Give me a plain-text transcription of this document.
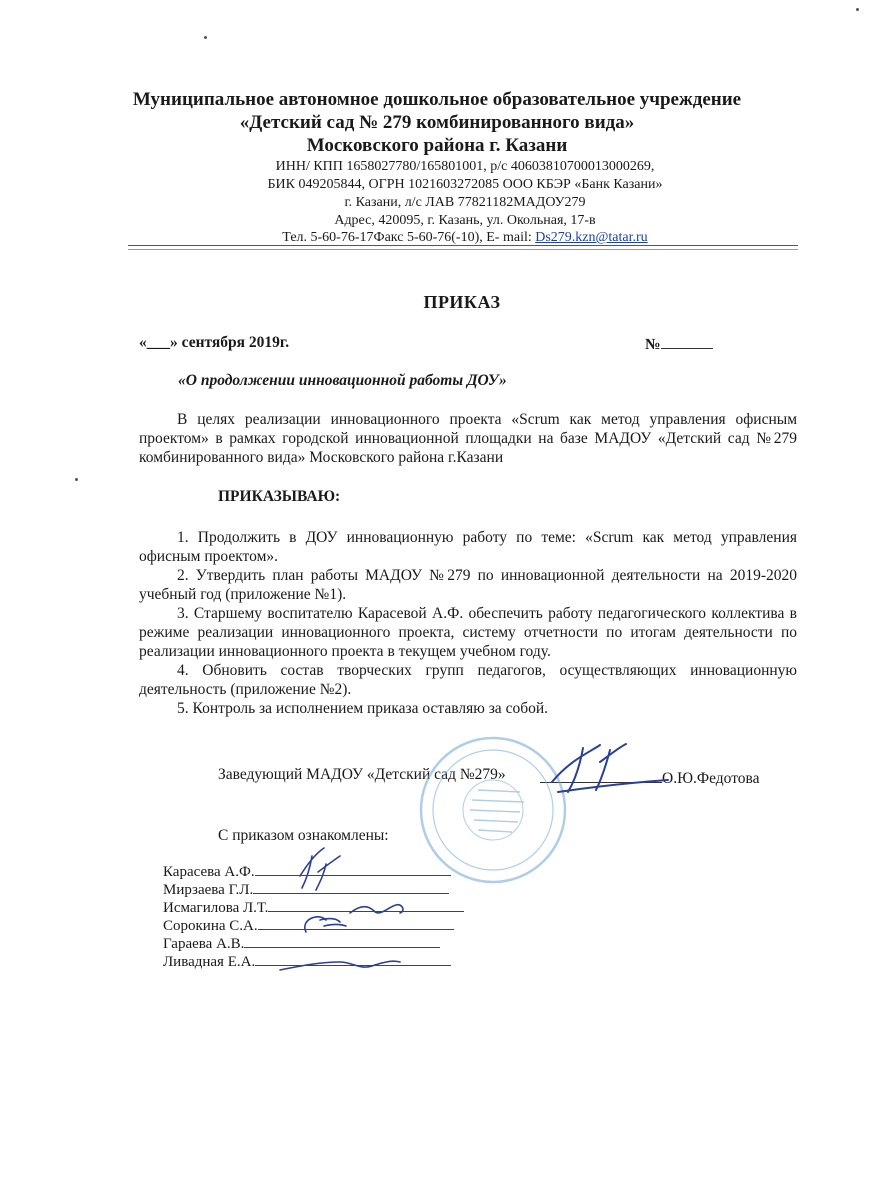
Муниципальное автономное дошкольное образовательное учреждение
«Детский сад № 279 комбинированного вида»
Московского района г. Казани
ИНН/ КПП 1658027780/165801001, р/с 40603810700013000269,
БИК 049205844, ОГРН 1021603272085 ООО КБЭР «Банк Казани»
г. Казани, л/с ЛАВ 77821182МАДОУ279
Адрес, 420095, г. Казань, ул. Окольная, 17-в
Тел. 5-60-76-17Факс 5-60-76(-10), Е- mail: Ds279.kzn@tatar.ru
ПРИКАЗ
«___» сентября 2019г.	№
«О продолжении инновационной работы ДОУ»

В целях реализации инновационного проекта «Scrum как метод управления офисным проектом» в рамках городской инновационной площадки на базе МАДОУ «Детский сад №279 комбинированного вида» Московского района г.Казани

ПРИКАЗЫВАЮ:

1. Продолжить в ДОУ инновационную работу по теме: «Scrum как метод управления офисным проектом».

2. Утвердить план работы МАДОУ №279 по инновационной деятельности на 2019-2020 учебный год (приложение №1).

3. Старшему воспитателю Карасевой А.Ф. обеспечить работу педагогического коллектива в режиме реализации инновационного проекта, систему отчетности по итогам деятельности по реализации инновационного проекта в текущем учебном году.

4. Обновить состав творческих групп педагогов, осуществляющих инновационную деятельность (приложение №2).

5. Контроль за исполнением приказа оставляю за собой.

Заведующий МАДОУ «Детский сад №279»	О.Ю.Федотова
С приказом ознакомлены:
Карасева А.Ф.
Мирзаева Г.Л.
Исмагилова Л.Т.
Сорокина С.А.
Гараева А.В.
Ливадная Е.А.
